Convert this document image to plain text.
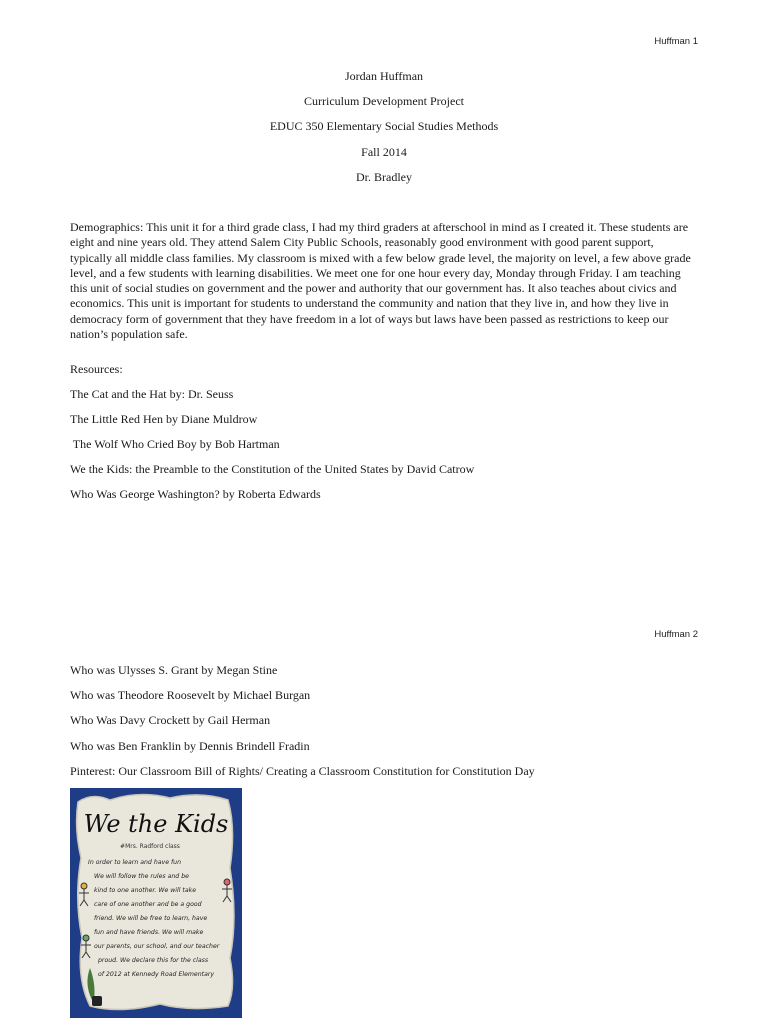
Huffman 1
Jordan Huffman
Curriculum Development Project
EDUC 350 Elementary Social Studies Methods
Fall 2014
Dr. Bradley

Demographics: This unit it for a third grade class, I had my third graders at afterschool in mind as I created it. These students are eight and nine years old. They attend Salem City Public Schools, reasonably good environment with good parent support, typically all middle class families. My classroom is mixed with a few below grade level, the majority on level, a few above grade level, and a few students with learning disabilities. We meet one for one hour every day, Monday through Friday. I am teaching this unit of social studies on government and the power and authority that our government has. It also teaches about civics and economics. This unit is important for students to understand the community and nation that they live in, and how they live in democracy form of government that they have freedom in a lot of ways but laws have been passed as restrictions to keep our nation’s population safe.

Resources:
The Cat and the Hat by: Dr. Seuss
The Little Red Hen by Diane Muldrow
The Wolf Who Cried Boy by Bob Hartman
We the Kids: the Preamble to the Constitution of the United States by David Catrow
Who Was George Washington? by Roberta Edwards
Huffman 2
Who was Ulysses S. Grant by Megan Stine
Who was Theodore Roosevelt by Michael Burgan
Who Was Davy Crockett by Gail Herman
Who was Ben Franklin by Dennis Brindell Fradin
Pinterest: Our Classroom Bill of Rights/ Creating a Classroom Constitution for Constitution Day
We the Kids
#Mrs. Radford class
In order to learn and have fun
We will follow the rules and be
kind to one another. We will take
care of one another and be a good
friend. We will be free to learn, have
fun and have friends. We will make
our parents, our school, and our teacher
proud. We declare this for the class
of 2012 at Kennedy Road Elementary
